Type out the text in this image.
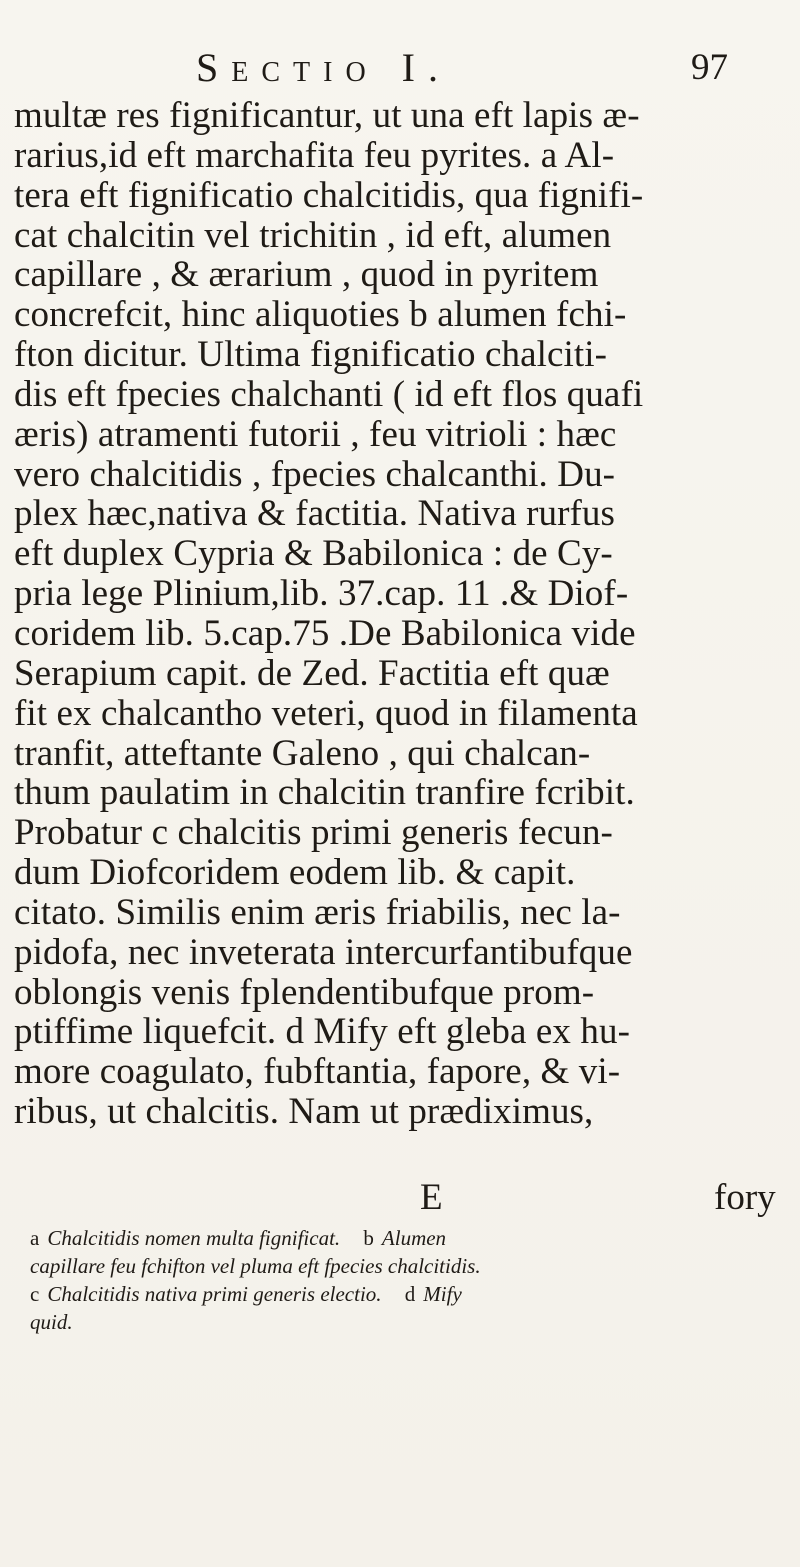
Sectio I.	97
multæ res fignificantur, ut una eft lapis æ-
rarius,id eft marchafita feu pyrites. a Al-
tera eft fignificatio chalcitidis, qua fignifi-
cat chalcitin vel trichitin , id eft, alumen
capillare , & ærarium , quod in pyritem
concrefcit, hinc aliquoties b alumen fchi-
fton dicitur. Ultima fignificatio chalciti-
dis eft fpecies chalchanti ( id eft flos quafi
æris) atramenti futorii , feu vitrioli : hæc
vero chalcitidis , fpecies chalcanthi. Du-
plex hæc,nativa & factitia. Nativa rurfus
eft duplex Cypria & Babilonica : de Cy-
pria lege Plinium,lib. 37.cap. 11 .& Diof-
coridem lib. 5.cap.75 .De Babilonica vide
Serapium capit. de Zed. Factitia eft quæ
fit ex chalcantho veteri, quod in filamenta
tranfit, atteftante Galeno , qui chalcan-
thum paulatim in chalcitin tranfire fcribit.
Probatur c chalcitis primi generis fecun-
dum Diofcoridem eodem lib. & capit.
citato. Similis enim æris friabilis, nec la-
pidofa, nec inveterata intercurfantibufque
oblongis venis fplendentibufque prom-
ptiffime liquefcit. d Mify eft gleba ex hu-
more coagulato, fubftantia, fapore, & vi-
ribus, ut chalcitis. Nam ut prædiximus,
E	fory
a Chalcitidis nomen multa fignificat. b Alumen
capillare feu fchifton vel pluma eft fpecies chalcitidis.
c Chalcitidis nativa primi generis electio. d Mify
quid.
